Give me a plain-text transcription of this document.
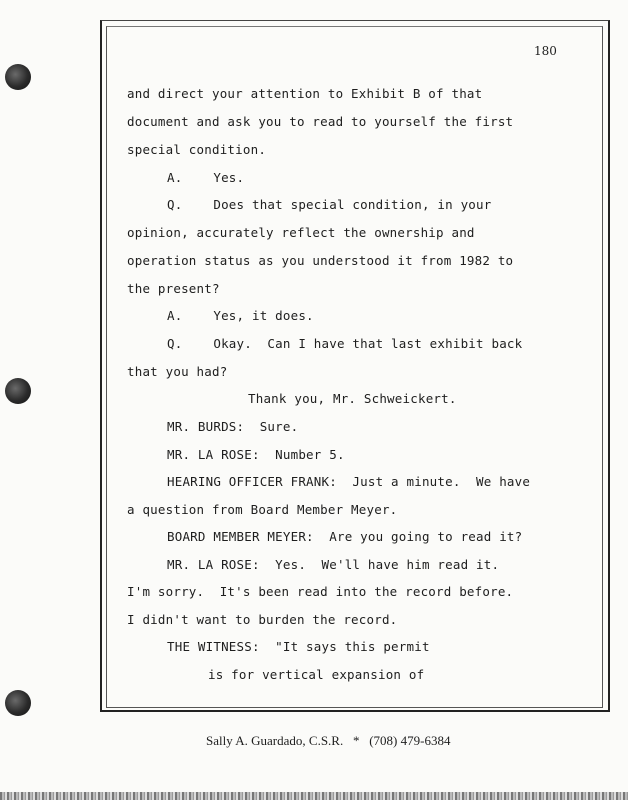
180
and direct your attention to Exhibit B of that
document and ask you to read to yourself the first
special condition.
A.    Yes.
Q.    Does that special condition, in your
opinion, accurately reflect the ownership and
operation status as you understood it from 1982 to
the present?
A.    Yes, it does.
Q.    Okay.  Can I have that last exhibit back
that you had?
Thank you, Mr. Schweickert.
MR. BURDS:  Sure.
MR. LA ROSE:  Number 5.
HEARING OFFICER FRANK:  Just a minute.  We have
a question from Board Member Meyer.
BOARD MEMBER MEYER:  Are you going to read it?
MR. LA ROSE:  Yes.  We'll have him read it.
I'm sorry.  It's been read into the record before.
I didn't want to burden the record.
THE WITNESS:  "It says this permit
is for vertical expansion of
Sally A. Guardado, C.S.R.   *   (708) 479-6384
